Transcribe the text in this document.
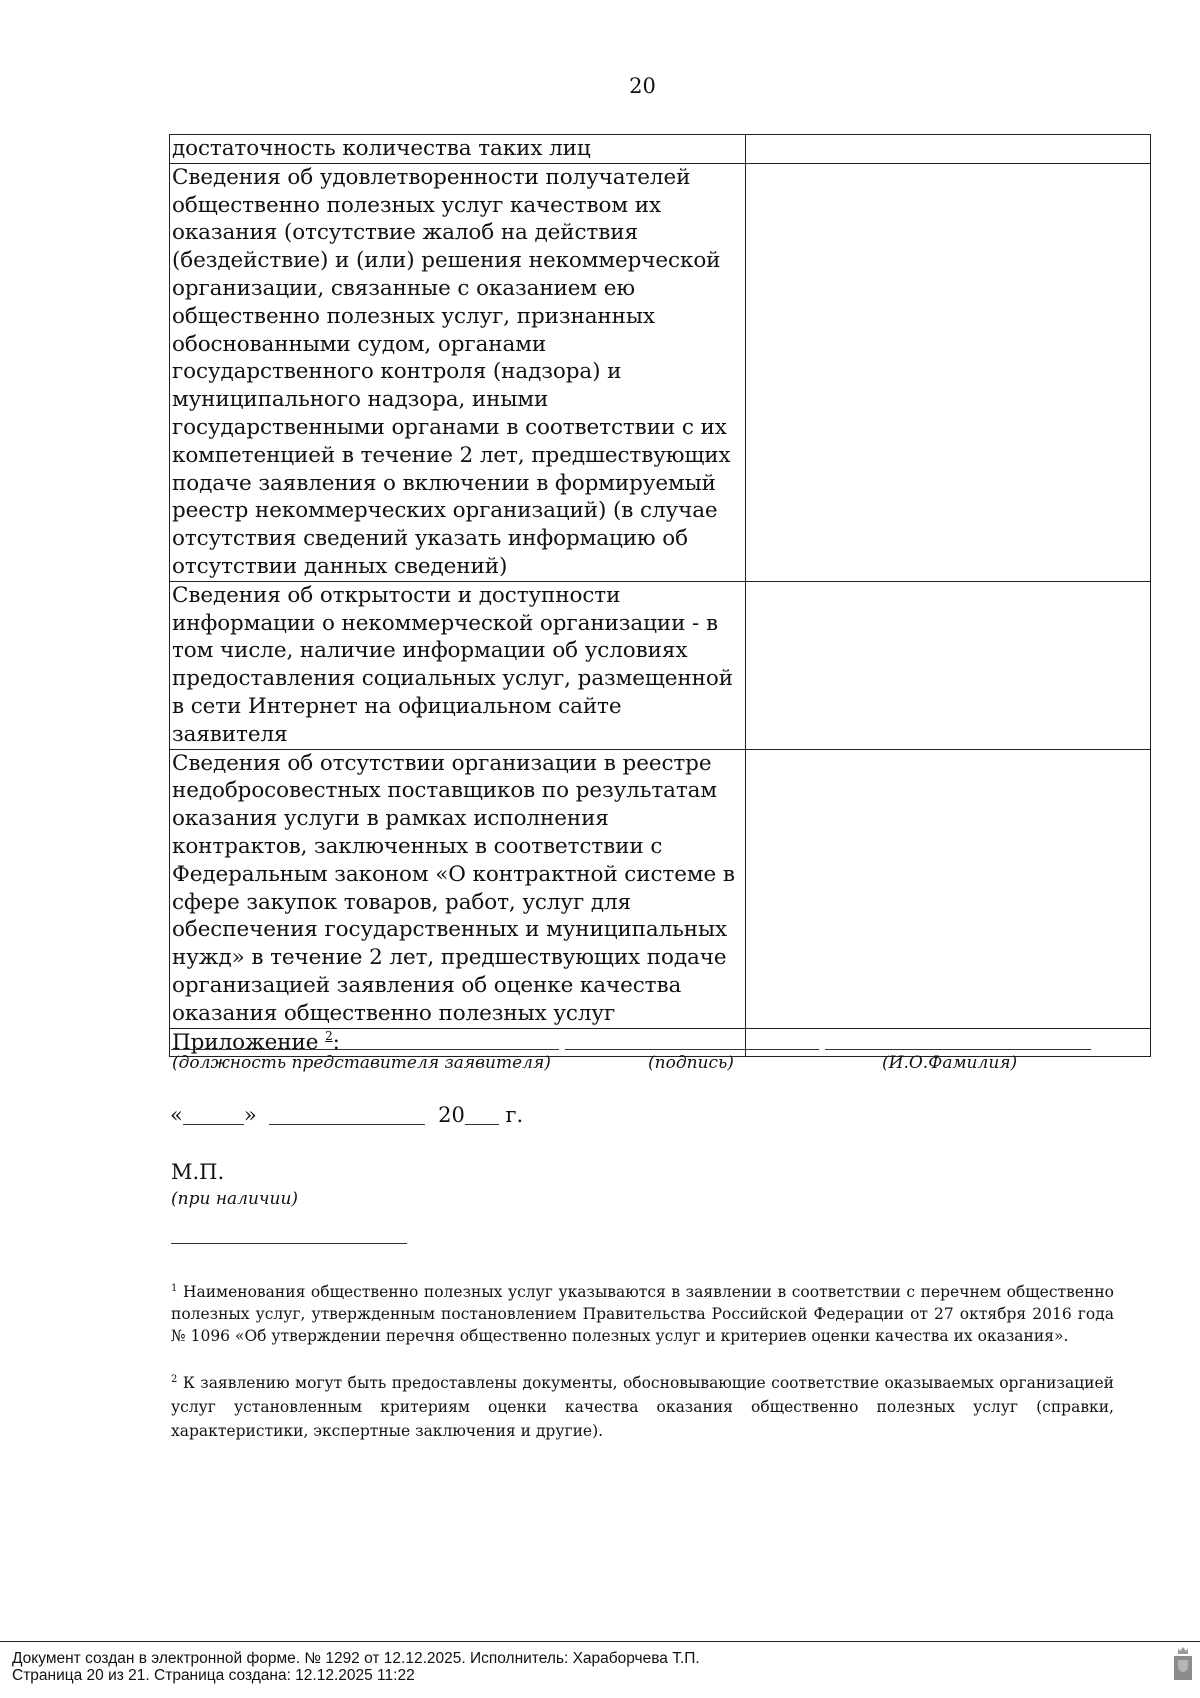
20
достаточность количества таких лиц	
Сведения об удовлетворенности получателей общественно полезных услуг качеством их оказания (отсутствие жалоб на действия (бездействие) и (или) решения некоммерческой организации, связанные с оказанием ею общественно полезных услуг, признанных обоснованными судом, органами государственного контроля (надзора) и муниципального надзора, иными государственными органами в соответствии с их компетенцией в течение 2 лет, предшествующих подаче заявления о включении в формируемый реестр некоммерческих организаций) (в случае отсутствия сведений указать информацию об отсутствии данных сведений)	
Сведения об открытости и доступности информации о некоммерческой организации - в том числе, наличие информации об условиях предоставления социальных услуг, размещенной в сети Интернет на официальном сайте заявителя	
Сведения об отсутствии организации в реестре недобросовестных поставщиков по результатам оказания услуги в рамках исполнения контрактов, заключенных в соответствии с Федеральным законом «О контрактной системе в сфере закупок товаров, работ, услуг для обеспечения государственных и муниципальных нужд» в течение 2 лет, предшествующих подаче организацией заявления об оценке качества оказания общественно полезных услуг	
Приложение $^2$:	
(должность представителя заявителя)	(подпись)	(И.О.Фамилия)
«	»	20 г.
М.П.
(при наличии)
$^1$ Наименования общественно полезных услуг указываются в заявлении в соответствии с перечнем общественно полезных услуг, утвержденным постановлением Правительства Российской Федерации от 27 октября 2016 года № 1096 «Об утверждении перечня общественно полезных услуг и критериев оценки качества их оказания».
$^2$ К заявлению могут быть предоставлены документы, обосновывающие соответствие оказываемых организацией услуг установленным критериям оценки качества оказания общественно полезных услуг (справки, характеристики, экспертные заключения и другие).
Документ создан в электронной форме. № 1292 от 12.12.2025. Исполнитель: Хараборчева Т.П.
Страница 20 из 21. Страница создана: 12.12.2025 11:22
